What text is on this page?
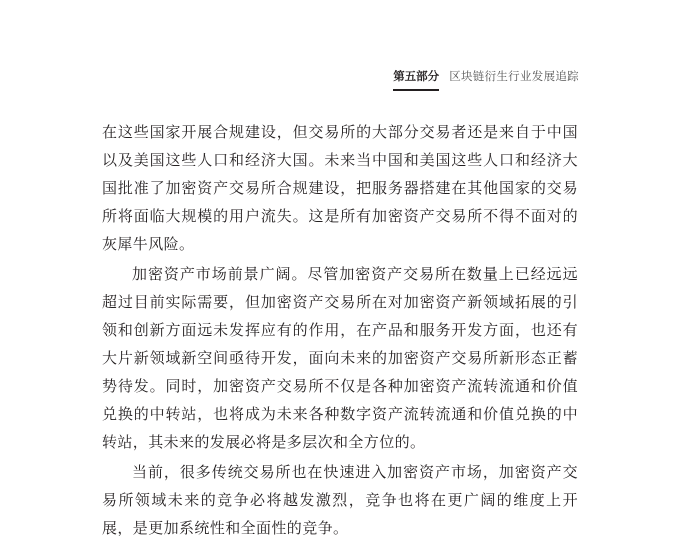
第五部分 区块链衍生行业发展追踪

在这些国家开展合规建设，但交易所的大部分交易者还是来自于中国以及美国这些人口和经济大国。未来当中国和美国这些人口和经济大国批准了加密资产交易所合规建设，把服务器搭建在其他国家的交易所将面临大规模的用户流失。这是所有加密资产交易所不得不面对的灰犀牛风险。

加密资产市场前景广阔。尽管加密资产交易所在数量上已经远远超过目前实际需要，但加密资产交易所在对加密资产新领域拓展的引领和创新方面远未发挥应有的作用，在产品和服务开发方面，也还有大片新领域新空间亟待开发，面向未来的加密资产交易所新形态正蓄势待发。同时，加密资产交易所不仅是各种加密资产流转流通和价值兑换的中转站，也将成为未来各种数字资产流转流通和价值兑换的中转站，其未来的发展必将是多层次和全方位的。

当前，很多传统交易所也在快速进入加密资产市场，加密资产交易所领域未来的竞争必将越发激烈，竞争也将在更广阔的维度上开展，是更加系统性和全面性的竞争。
